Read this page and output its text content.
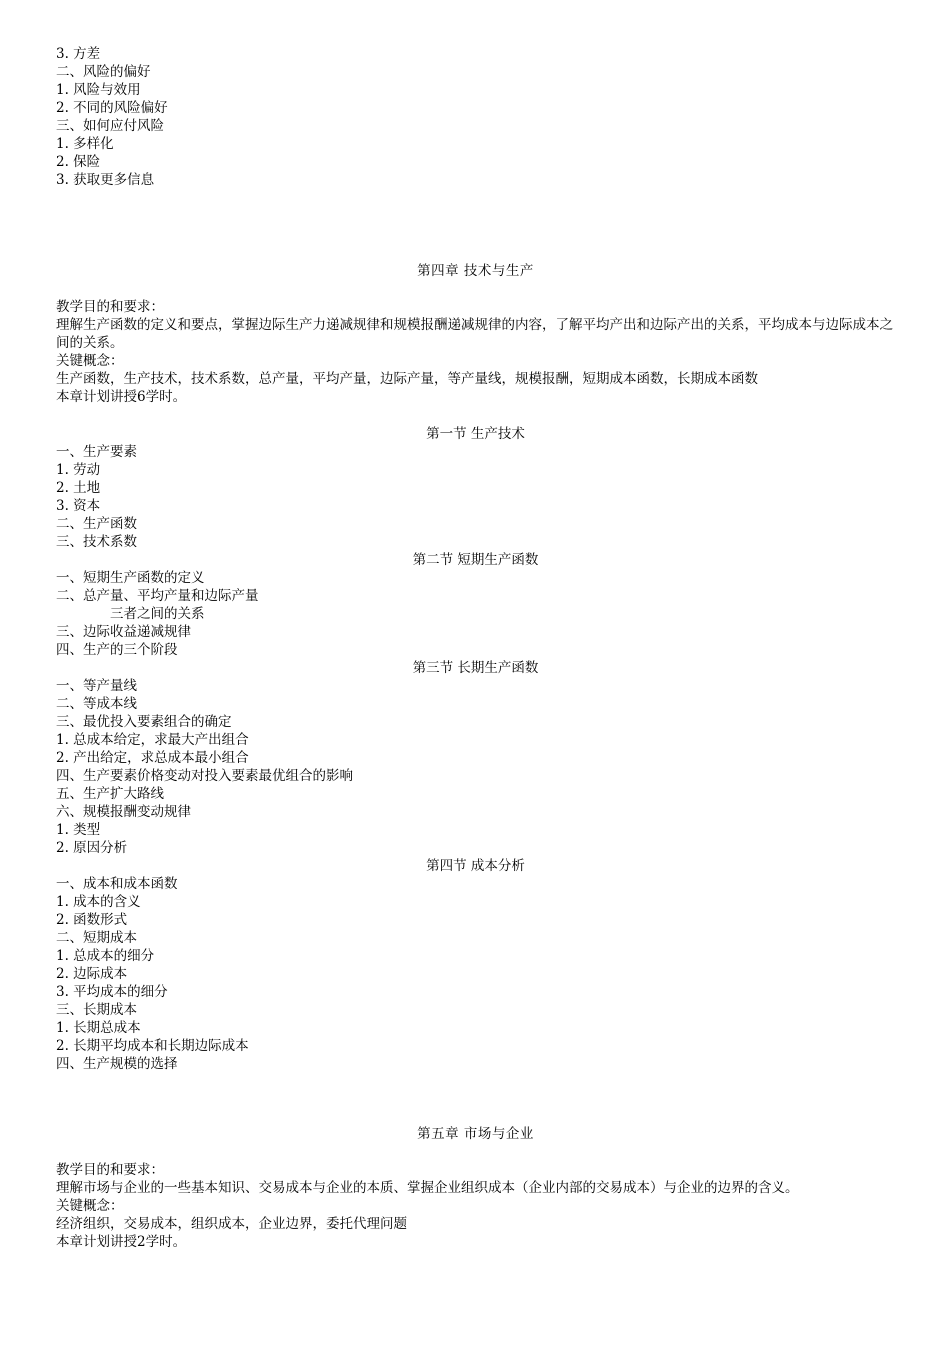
3. 方差
二、风险的偏好
1. 风险与效用
2. 不同的风险偏好
三、如何应付风险
1. 多样化
2. 保险
3. 获取更多信息
第四章 技术与生产
教学目的和要求：
理解生产函数的定义和要点，掌握边际生产力递减规律和规模报酬递减规律的内容，了解平均产出和边际产出的关系，平均成本与边际成本之间的关系。
关键概念：
生产函数，生产技术，技术系数，总产量，平均产量，边际产量，等产量线，规模报酬，短期成本函数，长期成本函数
本章计划讲授6学时。
第一节 生产技术
一、生产要素
1. 劳动
2. 土地
3. 资本
二、生产函数
三、技术系数
第二节 短期生产函数
一、短期生产函数的定义
二、总产量、平均产量和边际产量
三者之间的关系
三、边际收益递减规律
四、生产的三个阶段
第三节 长期生产函数
一、等产量线
二、等成本线
三、最优投入要素组合的确定
1. 总成本给定，求最大产出组合
2. 产出给定，求总成本最小组合
四、生产要素价格变动对投入要素最优组合的影响
五、生产扩大路线
六、规模报酬变动规律
1. 类型
2. 原因分析
第四节 成本分析
一、成本和成本函数
1. 成本的含义
2. 函数形式
二、短期成本
1. 总成本的细分
2. 边际成本
3. 平均成本的细分
三、长期成本
1. 长期总成本
2. 长期平均成本和长期边际成本
四、生产规模的选择
第五章 市场与企业
教学目的和要求：
理解市场与企业的一些基本知识、交易成本与企业的本质、掌握企业组织成本（企业内部的交易成本）与企业的边界的含义。
关键概念：
经济组织，交易成本，组织成本，企业边界，委托代理问题
本章计划讲授2学时。
